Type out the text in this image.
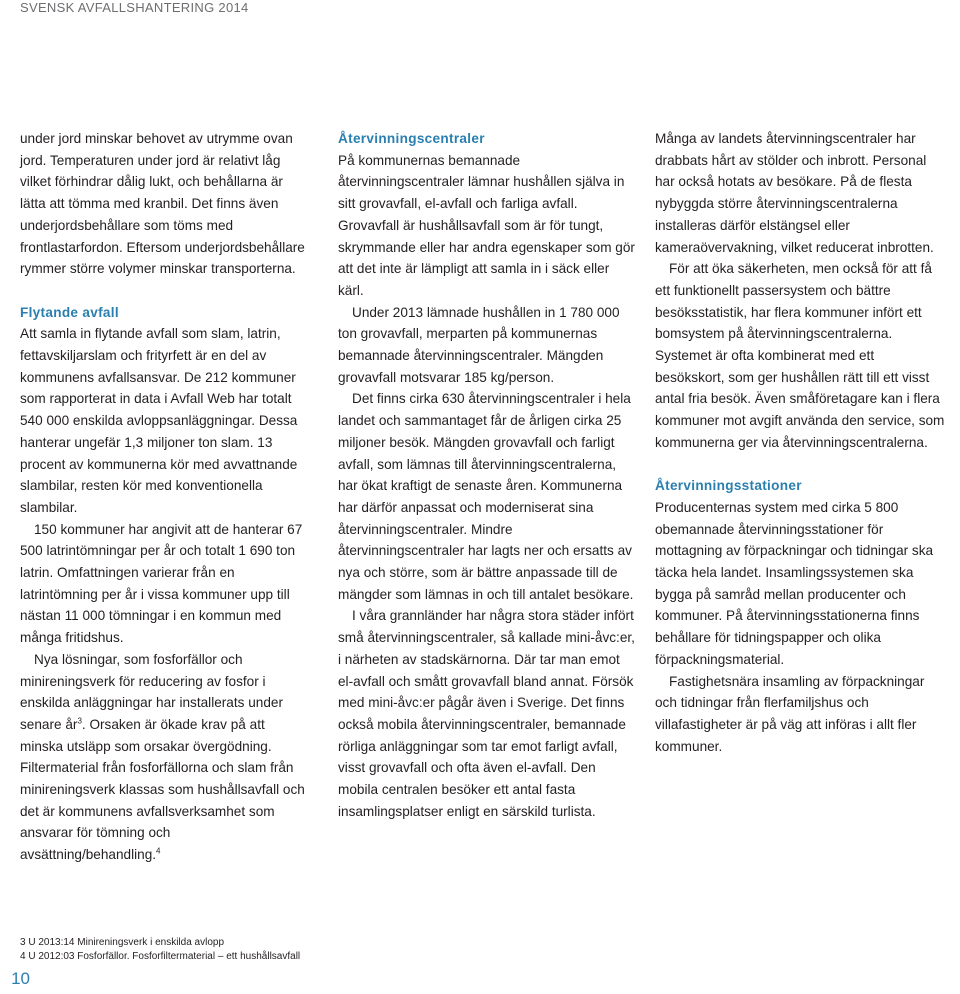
SVENSK AVFALLSHANTERING 2014

under jord minskar behovet av utrymme ovan jord. Temperaturen under jord är relativt låg vilket förhindrar dålig lukt, och behållarna är lätta att tömma med kranbil. Det finns även underjordsbehållare som töms med frontlastarfordon. Eftersom underjordsbehållare rymmer större volymer minskar transporterna.

Flytande avfall

Att samla in flytande avfall som slam, latrin, fettavskiljarslam och frityrfett är en del av kommunens avfallsansvar. De 212 kommuner som rapporterat in data i Avfall Web har totalt 540 000 enskilda avloppsanläggningar. Dessa hanterar ungefär 1,3 miljoner ton slam. 13 procent av kommunerna kör med avvattnande slambilar, resten kör med konventionella slambilar.

150 kommuner har angivit att de hanterar 67 500 latrintömningar per år och totalt 1 690 ton latrin. Omfattningen varierar från en latrintömning per år i vissa kommuner upp till nästan 11 000 tömningar i en kommun med många fritidshus.

Nya lösningar, som fosforfällor och minireningsverk för reducering av fosfor i enskilda anläggningar har installerats under senare $år^3$. Orsaken är ökade krav på att minska utsläpp som orsakar övergödning. Filtermaterial från fosforfällorna och slam från minireningsverk klassas som hushållsavfall och det är kommunens avfallsverksamhet som ansvarar för tömning och avsättning/behandling.$^4$

Återvinningscentraler

På kommunernas bemannade återvinningscentraler lämnar hushållen själva in sitt grovavfall, el-avfall och farliga avfall. Grovavfall är hushållsavfall som är för tungt, skrymmande eller har andra egenskaper som gör att det inte är lämpligt att samla in i säck eller kärl.

Under 2013 lämnade hushållen in 1 780 000 ton grovavfall, merparten på kommunernas bemannade återvinningscentraler. Mängden grovavfall motsvarar 185 kg/person.

Det finns cirka 630 återvinningscentraler i hela landet och sammantaget får de årligen cirka 25 miljoner besök. Mängden grovavfall och farligt avfall, som lämnas till återvinningscentralerna, har ökat kraftigt de senaste åren. Kommunerna har därför anpassat och moderniserat sina återvinningscentraler. Mindre återvinningscentraler har lagts ner och ersatts av nya och större, som är bättre anpassade till de mängder som lämnas in och till antalet besökare.

I våra grannländer har några stora städer infört små återvinningscentraler, så kallade mini-åvc:er, i närheten av stadskärnorna. Där tar man emot el-avfall och smått grovavfall bland annat. Försök med mini-åvc:er pågår även i Sverige. Det finns också mobila återvinningscentraler, bemannade rörliga anläggningar som tar emot farligt avfall, visst grovavfall och ofta även el-avfall. Den mobila centralen besöker ett antal fasta insamlingsplatser enligt en särskild turlista.

Många av landets återvinningscentraler har drabbats hårt av stölder och inbrott. Personal har också hotats av besökare. På de flesta nybyggda större återvinningscentralerna installeras därför elstängsel eller kameraövervakning, vilket reducerat inbrotten.

För att öka säkerheten, men också för att få ett funktionellt passersystem och bättre besöksstatistik, har flera kommuner infört ett bomsystem på återvinningscentralerna. Systemet är ofta kombinerat med ett besökskort, som ger hushållen rätt till ett visst antal fria besök. Även småföretagare kan i flera kommuner mot avgift använda den service, som kommunerna ger via återvinningscentralerna.

Återvinningsstationer

Producenternas system med cirka 5 800 obemannade återvinningsstationer för mottagning av förpackningar och tidningar ska täcka hela landet. Insamlingssystemen ska bygga på samråd mellan producenter och kommuner. På återvinningsstationerna finns behållare för tidningspapper och olika förpackningsmaterial.

Fastighetsnära insamling av förpackningar och tidningar från flerfamiljshus och villafastigheter är på väg att införas i allt fler kommuner.

3 U 2013:14 Minireningsverk i enskilda avlopp
4 U 2012:03 Fosforfällor. Fosforfiltermaterial – ett hushållsavfall
10
